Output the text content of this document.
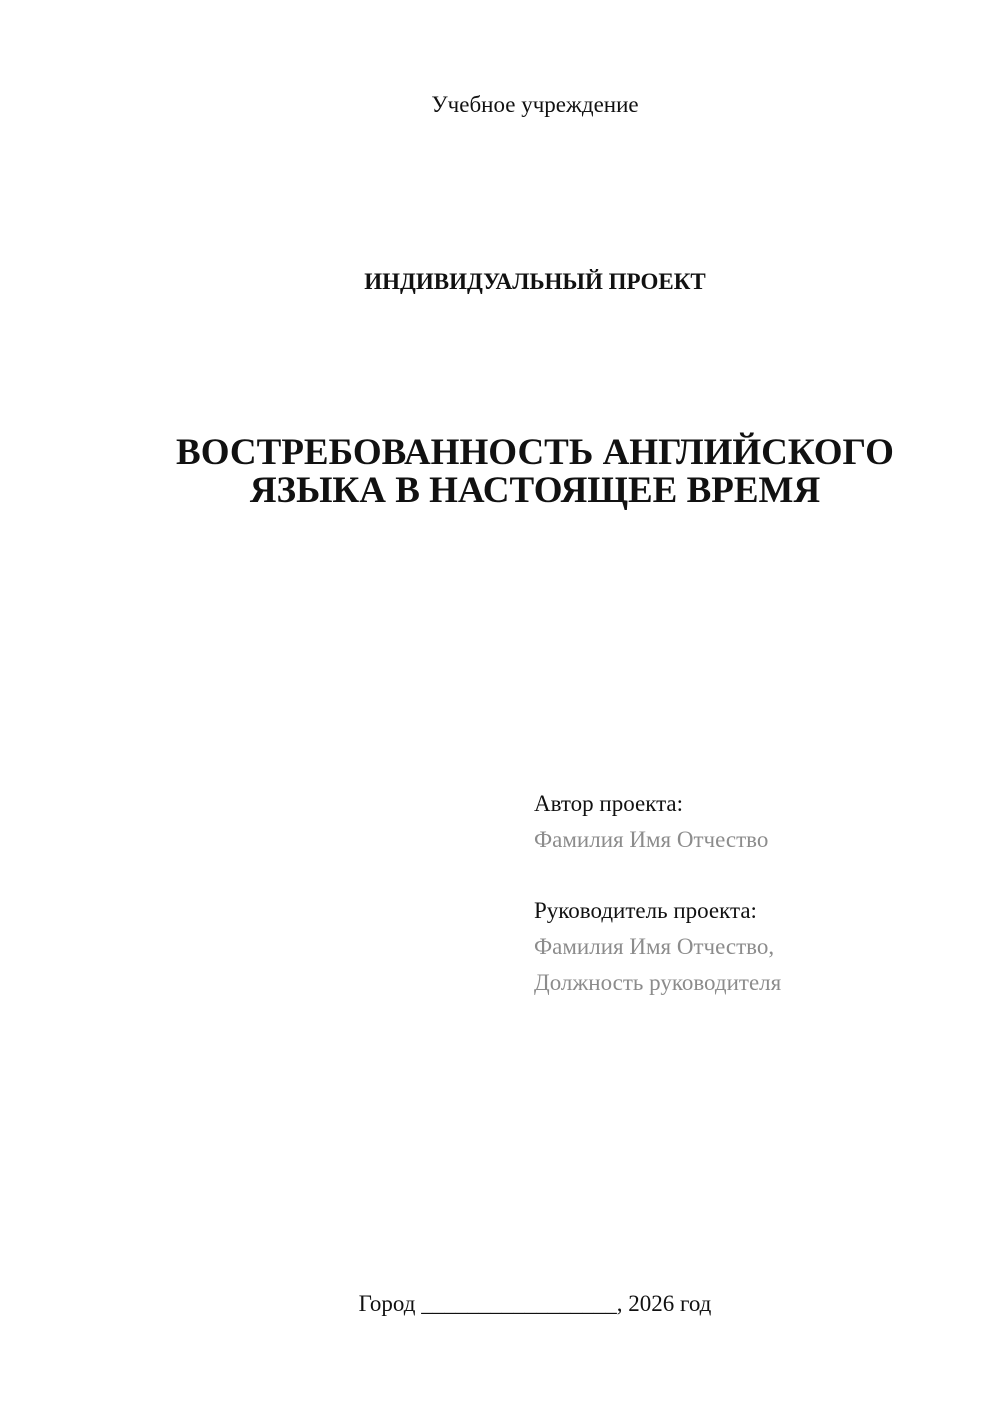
Учебное учреждение
ИНДИВИДУАЛЬНЫЙ ПРОЕКТ
ВОСТРЕБОВАННОСТЬ АНГЛИЙСКОГО
ЯЗЫКА В НАСТОЯЩЕЕ ВРЕМЯ
Автор проекта:
Фамилия Имя Отчество
Руководитель проекта:
Фамилия Имя Отчество,
Должность руководителя
Город _________________, 2026 год
